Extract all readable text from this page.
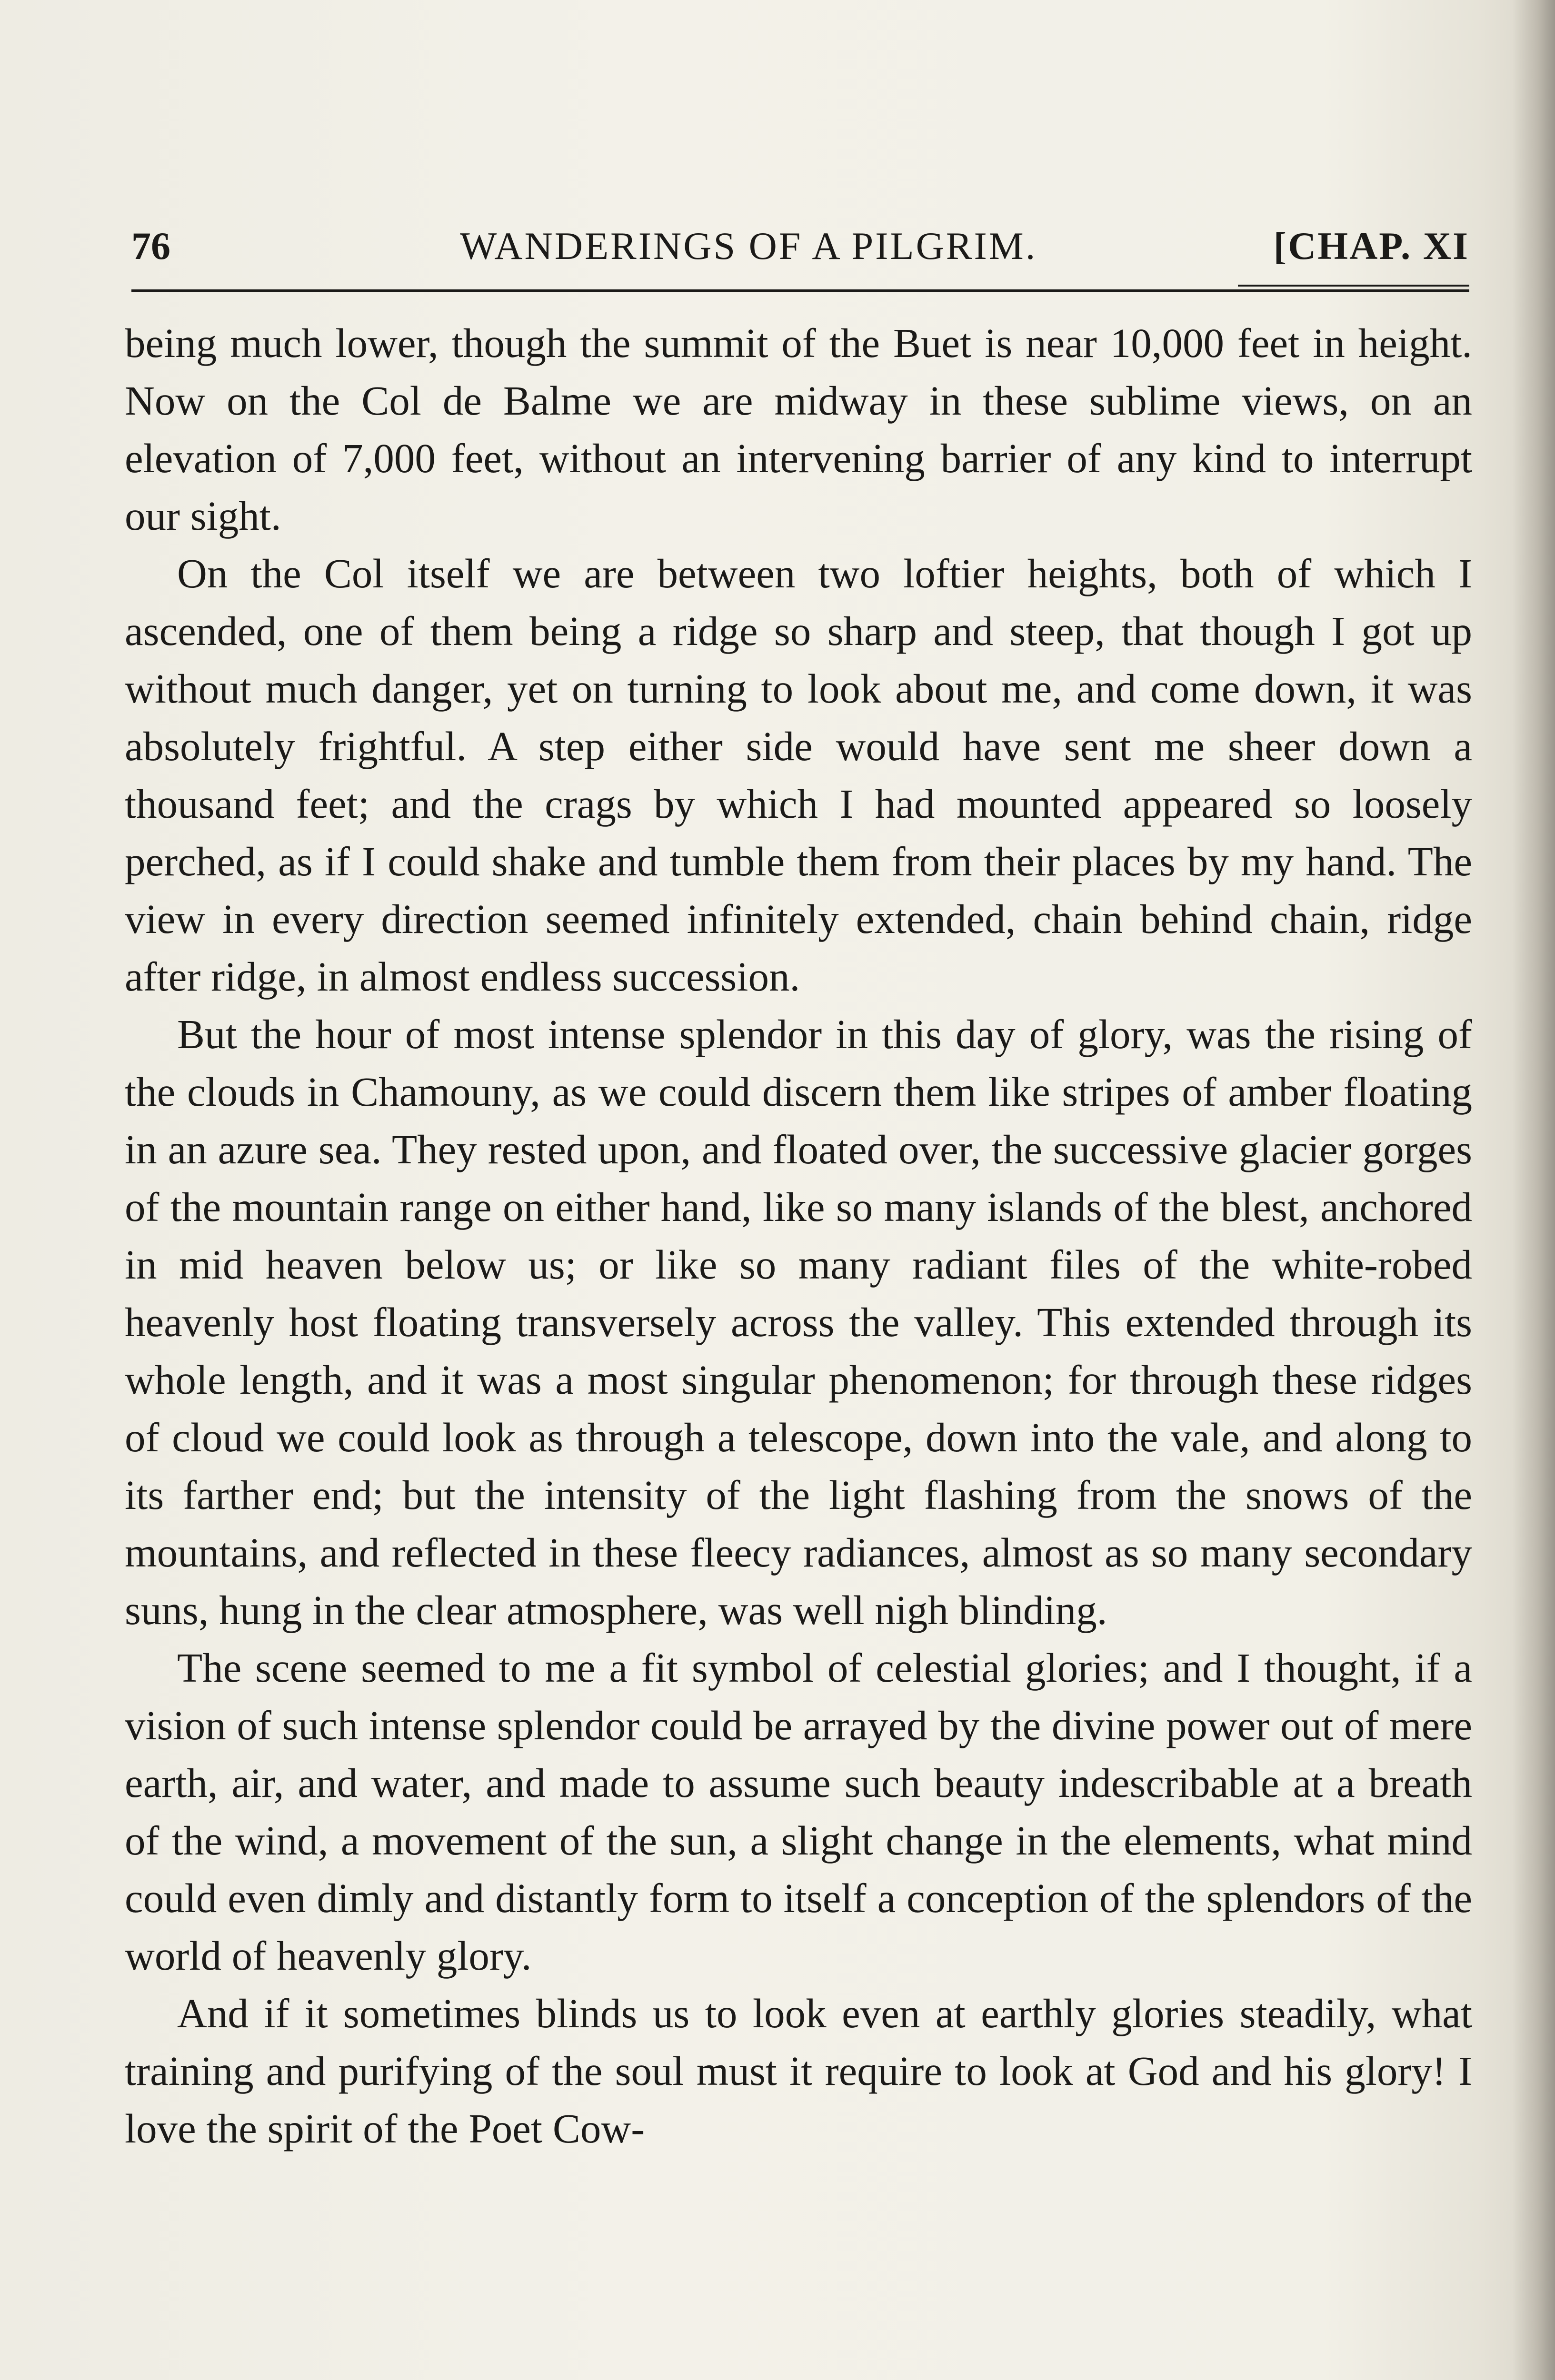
76	WANDERINGS OF A PILGRIM.	[CHAP. XI

being much lower, though the summit of the Buet is near 10,000 feet in height. Now on the Col de Balme we are midway in these sublime views, on an elevation of 7,000 feet, without an intervening barrier of any kind to interrupt our sight.

On the Col itself we are between two loftier heights, both of which I ascended, one of them being a ridge so sharp and steep, that though I got up without much danger, yet on turning to look about me, and come down, it was absolutely frightful. A step either side would have sent me sheer down a thousand feet; and the crags by which I had mounted appeared so loosely perched, as if I could shake and tumble them from their places by my hand. The view in every direction seemed infinitely extended, chain behind chain, ridge after ridge, in almost endless succession.

But the hour of most intense splendor in this day of glory, was the rising of the clouds in Chamouny, as we could discern them like stripes of amber floating in an azure sea. They rested upon, and floated over, the successive glacier gorges of the mountain range on either hand, like so many islands of the blest, anchored in mid heaven below us; or like so many radiant files of the white-robed heavenly host floating transversely across the valley. This extended through its whole length, and it was a most singular phenomenon; for through these ridges of cloud we could look as through a telescope, down into the vale, and along to its farther end; but the intensity of the light flashing from the snows of the mountains, and reflected in these fleecy radiances, almost as so many secondary suns, hung in the clear atmosphere, was well nigh blinding.

The scene seemed to me a fit symbol of celestial glories; and I thought, if a vision of such intense splendor could be arrayed by the divine power out of mere earth, air, and water, and made to assume such beauty indescribable at a breath of the wind, a movement of the sun, a slight change in the elements, what mind could even dimly and distantly form to itself a conception of the splendors of the world of heavenly glory.

And if it sometimes blinds us to look even at earthly glories steadily, what training and purifying of the soul must it require to look at God and his glory! I love the spirit of the Poet Cow-
